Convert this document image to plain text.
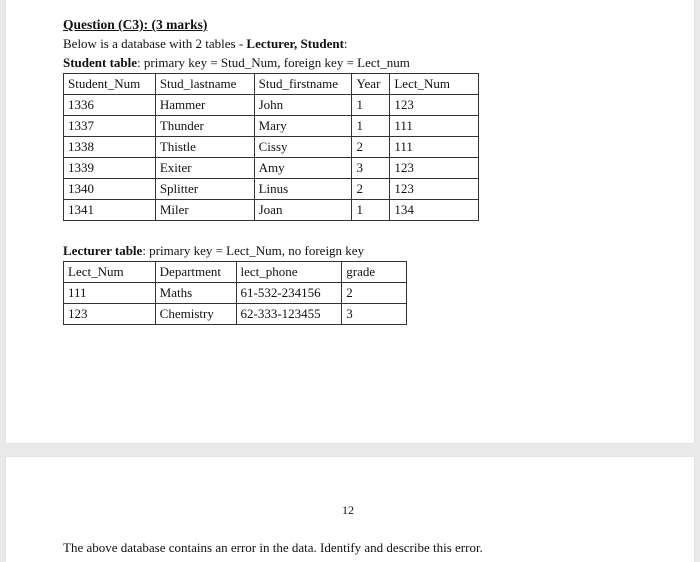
Question (C3): (3 marks)
Below is a database with 2 tables - Lecturer, Student:
Student table: primary key = Stud_Num, foreign key = Lect_num
Student_Num	Stud_lastname	Stud_firstname	Year	Lect_Num
1336	Hammer	John	1	123
1337	Thunder	Mary	1	111
1338	Thistle	Cissy	2	111
1339	Exiter	Amy	3	123
1340	Splitter	Linus	2	123
1341	Miler	Joan	1	134
Lecturer table: primary key = Lect_Num, no foreign key
Lect_Num	Department	lect_phone	grade
111	Maths	61-532-234156	2
123	Chemistry	62-333-123455	3
12
The above database contains an error in the data. Identify and describe this error.
